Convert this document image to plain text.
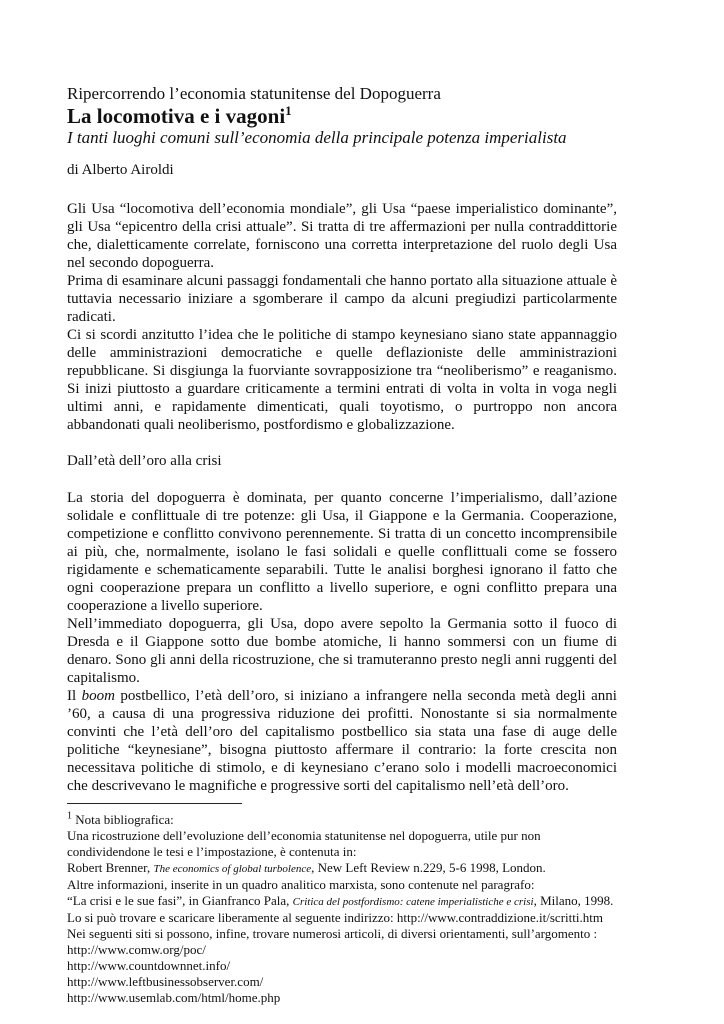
Ripercorrendo l’economia statunitense del Dopoguerra

La locomotiva e i vagoni$^1$

I tanti luoghi comuni sull’economia della principale potenza imperialista

di Alberto Airoldi

Gli Usa “locomotiva dell’economia mondiale”, gli Usa “paese imperialistico dominante”, gli Usa “epicentro della crisi attuale”. Si tratta di tre affermazioni per nulla contraddittorie che, dialetticamente correlate, forniscono una corretta interpretazione del ruolo degli Usa nel secondo dopoguerra.

Prima di esaminare alcuni passaggi fondamentali che hanno portato alla situazione attuale è tuttavia necessario iniziare a sgomberare il campo da alcuni pregiudizi particolarmente radicati.

Ci si scordi anzitutto l’idea che le politiche di stampo keynesiano siano state appannaggio delle amministrazioni democratiche e quelle deflazioniste delle amministrazioni repubblicane. Si disgiunga la fuorviante sovrapposizione tra “neoliberismo” e reaganismo. Si inizi piuttosto a guardare criticamente a termini entrati di volta in volta in voga negli ultimi anni, e rapidamente dimenticati, quali toyotismo, o purtroppo non ancora abbandonati quali neoliberismo, postfordismo e globalizzazione.

Dall’età dell’oro alla crisi

La storia del dopoguerra è dominata, per quanto concerne l’imperialismo, dall’azione solidale e conflittuale di tre potenze: gli Usa, il Giappone e la Germania. Cooperazione, competizione e conflitto convivono perennemente. Si tratta di un concetto incomprensibile ai più, che, normalmente, isolano le fasi solidali e quelle conflittuali come se fossero rigidamente e schematicamente separabili. Tutte le analisi borghesi ignorano il fatto che ogni cooperazione prepara un conflitto a livello superiore, e ogni conflitto prepara una cooperazione a livello superiore.

Nell’immediato dopoguerra, gli Usa, dopo avere sepolto la Germania sotto il fuoco di Dresda e il Giappone sotto due bombe atomiche, li hanno sommersi con un fiume di denaro. Sono gli anni della ricostruzione, che si tramuteranno presto negli anni ruggenti del capitalismo.

Il boom postbellico, l’età dell’oro, si iniziano a infrangere nella seconda metà degli anni ’60, a causa di una progressiva riduzione dei profitti. Nonostante si sia normalmente convinti che l’età dell’oro del capitalismo postbellico sia stata una fase di auge delle politiche “keynesiane”, bisogna piuttosto affermare il contrario: la forte crescita non necessitava politiche di stimolo, e di keynesiano c’erano solo i modelli macroeconomici che descrivevano le magnifiche e progressive sorti del capitalismo nell’età dell’oro.

$^1$ Nota bibliografica:

Una ricostruzione dell’evoluzione dell’economia statunitense nel dopoguerra, utile pur non condividendone le tesi e l’impostazione, è contenuta in:

Robert Brenner, The economics of global turbolence, New Left Review n.229, 5-6 1998, London.

Altre informazioni, inserite in un quadro analitico marxista, sono contenute nel paragrafo:

“La crisi e le sue fasi”, in Gianfranco Pala, Critica del postfordismo: catene imperialistiche e crisi, Milano, 1998. Lo si può trovare e scaricare liberamente al seguente indirizzo: http://www.contraddizione.it/scritti.htm

Nei seguenti siti si possono, infine, trovare numerosi articoli, di diversi orientamenti, sull’argomento :

http://www.comw.org/poc/

http://www.countdownnet.info/

http://www.leftbusinessobserver.com/

http://www.usemlab.com/html/home.php
